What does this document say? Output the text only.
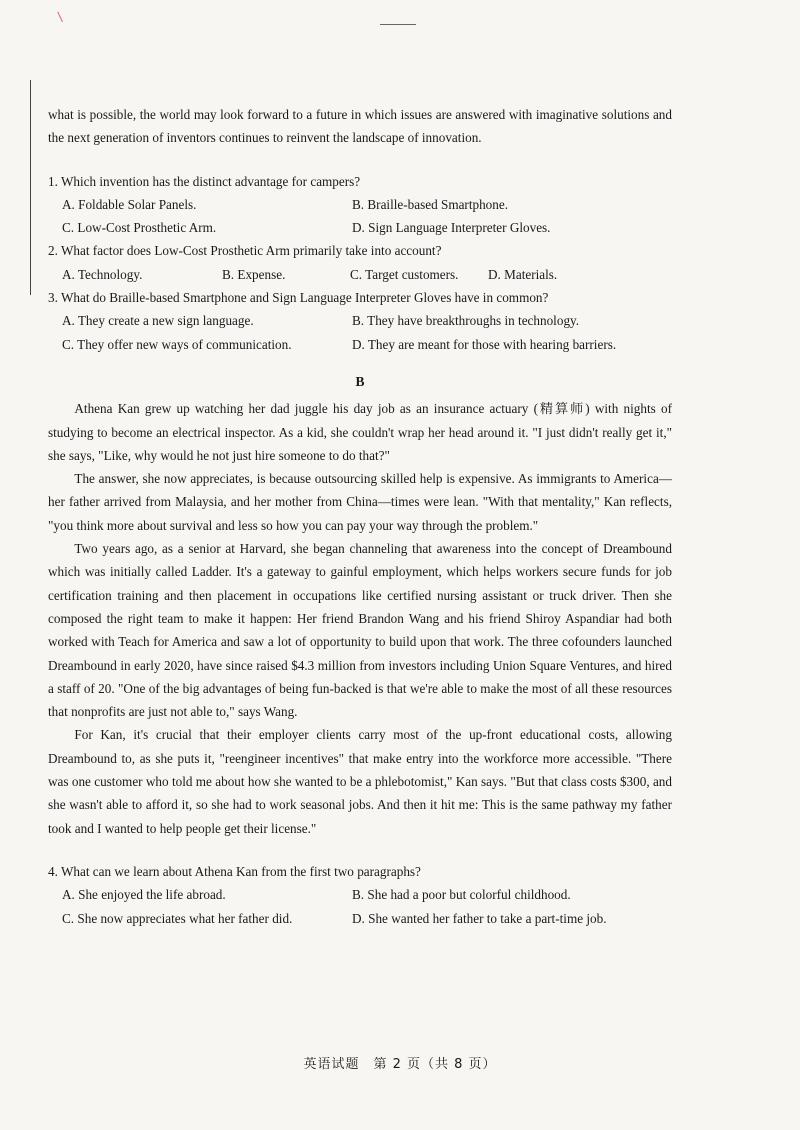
\

what is possible, the world may look forward to a future in which issues are answered with imaginative solutions and the next generation of inventors continues to reinvent the landscape of innovation.

1. Which invention has the distinct advantage for campers?

A. Foldable Solar Panels.	B. Braille-based Smartphone.
C. Low-Cost Prosthetic Arm.	D. Sign Language Interpreter Gloves.

2. What factor does Low-Cost Prosthetic Arm primarily take into account?

A. Technology.	B. Expense.	C. Target customers.	D. Materials.

3. What do Braille-based Smartphone and Sign Language Interpreter Gloves have in common?

A. They create a new sign language.	B. They have breakthroughs in technology.
C. They offer new ways of communication.	D. They are meant for those with hearing barriers.
B

Athena Kan grew up watching her dad juggle his day job as an insurance actuary (精算师) with nights of studying to become an electrical inspector. As a kid, she couldn't wrap her head around it. "I just didn't really get it," she says, "Like, why would he not just hire someone to do that?"

The answer, she now appreciates, is because outsourcing skilled help is expensive. As immigrants to America—her father arrived from Malaysia, and her mother from China—times were lean. "With that mentality," Kan reflects, "you think more about survival and less so how you can pay your way through the problem."

Two years ago, as a senior at Harvard, she began channeling that awareness into the concept of Dreambound which was initially called Ladder. It's a gateway to gainful employment, which helps workers secure funds for job certification training and then placement in occupations like certified nursing assistant or truck driver. Then she composed the right team to make it happen: Her friend Brandon Wang and his friend Shiroy Aspandiar had both worked with Teach for America and saw a lot of opportunity to build upon that work. The three cofounders launched Dreambound in early 2020, have since raised $4.3 million from investors including Union Square Ventures, and hired a staff of 20. "One of the big advantages of being fun-backed is that we're able to make the most of all these resources that nonprofits are just not able to," says Wang.

For Kan, it's crucial that their employer clients carry most of the up-front educational costs, allowing Dreambound to, as she puts it, "reengineer incentives" that make entry into the workforce more accessible. "There was one customer who told me about how she wanted to be a phlebotomist," Kan says. "But that class costs $300, and she wasn't able to afford it, so she had to work seasonal jobs. And then it hit me: This is the same pathway my father took and I wanted to help people get their license."

4. What can we learn about Athena Kan from the first two paragraphs?

A. She enjoyed the life abroad.	B. She had a poor but colorful childhood.
C. She now appreciates what her father did.	D. She wanted her father to take a part-time job.
英语试题　第 2 页（共 8 页）
